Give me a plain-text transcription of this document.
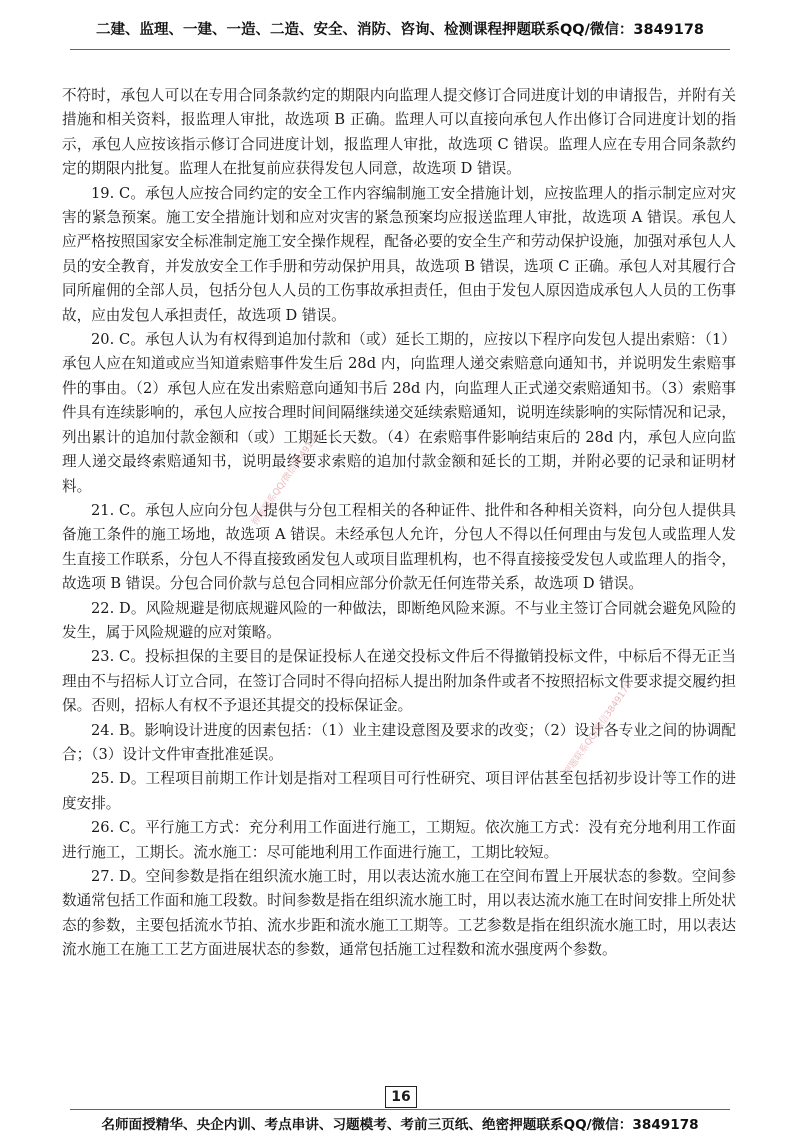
二建、监理、一建、一造、二造、安全、消防、咨询、检测课程押题联系QQ/微信：3849178

不符时，承包人可以在专用合同条款约定的期限内向监理人提交修订合同进度计划的申请报告，并附有关措施和相关资料，报监理人审批，故选项 B 正确。监理人可以直接向承包人作出修订合同进度计划的指示，承包人应按该指示修订合同进度计划，报监理人审批，故选项 C 错误。监理人应在专用合同条款约定的期限内批复。监理人在批复前应获得发包人同意，故选项 D 错误。

19. C。承包人应按合同约定的安全工作内容编制施工安全措施计划，应按监理人的指示制定应对灾害的紧急预案。施工安全措施计划和应对灾害的紧急预案均应报送监理人审批，故选项 A 错误。承包人应严格按照国家安全标准制定施工安全操作规程，配备必要的安全生产和劳动保护设施，加强对承包人人员的安全教育，并发放安全工作手册和劳动保护用具，故选项 B 错误，选项 C 正确。承包人对其履行合同所雇佣的全部人员，包括分包人人员的工伤事故承担责任，但由于发包人原因造成承包人人员的工伤事故，应由发包人承担责任，故选项 D 错误。

20. C。承包人认为有权得到追加付款和（或）延长工期的，应按以下程序向发包人提出索赔：（1）承包人应在知道或应当知道索赔事件发生后 28d 内，向监理人递交索赔意向通知书，并说明发生索赔事件的事由。（2）承包人应在发出索赔意向通知书后 28d 内，向监理人正式递交索赔通知书。（3）索赔事件具有连续影响的，承包人应按合理时间间隔继续递交延续索赔通知，说明连续影响的实际情况和记录，列出累计的追加付款金额和（或）工期延长天数。（4）在索赔事件影响结束后的 28d 内，承包人应向监理人递交最终索赔通知书，说明最终要求索赔的追加付款金额和延长的工期，并附必要的记录和证明材料。

21. C。承包人应向分包人提供与分包工程相关的各种证件、批件和各种相关资料，向分包人提供具备施工条件的施工场地，故选项 A 错误。未经承包人允许，分包人不得以任何理由与发包人或监理人发生直接工作联系，分包人不得直接致函发包人或项目监理机构，也不得直接接受发包人或监理人的指令，故选项 B 错误。分包合同价款与总包合同相应部分价款无任何连带关系，故选项 D 错误。

22. D。风险规避是彻底规避风险的一种做法，即断绝风险来源。不与业主签订合同就会避免风险的发生，属于风险规避的应对策略。

23. C。投标担保的主要目的是保证投标人在递交投标文件后不得撤销投标文件，中标后不得无正当理由不与招标人订立合同，在签订合同时不得向招标人提出附加条件或者不按照招标文件要求提交履约担保。否则，招标人有权不予退还其提交的投标保证金。

24. B。影响设计进度的因素包括：（1）业主建设意图及要求的改变；（2）设计各专业之间的协调配合；（3）设计文件审查批准延误。

25. D。工程项目前期工作计划是指对工程项目可行性研究、项目评估甚至包括初步设计等工作的进度安排。

26. C。平行施工方式：充分利用工作面进行施工，工期短。依次施工方式：没有充分地利用工作面进行施工，工期长。流水施工：尽可能地利用工作面进行施工，工期比较短。

27. D。空间参数是指在组织流水施工时，用以表达流水施工在空间布置上开展状态的参数。空间参数通常包括工作面和施工段数。时间参数是指在组织流水施工时，用以表达流水施工在时间安排上所处状态的参数，主要包括流水节拍、流水步距和流水施工工期等。工艺参数是指在组织流水施工时，用以表达流水施工在施工工艺方面进展状态的参数，通常包括施工过程数和流水强度两个参数。

押题联系QQ/微信3849178
押题联系QQ/微信3849178
16
名师面授精华、央企内训、考点串讲、习题模考、考前三页纸、绝密押题联系QQ/微信：3849178
